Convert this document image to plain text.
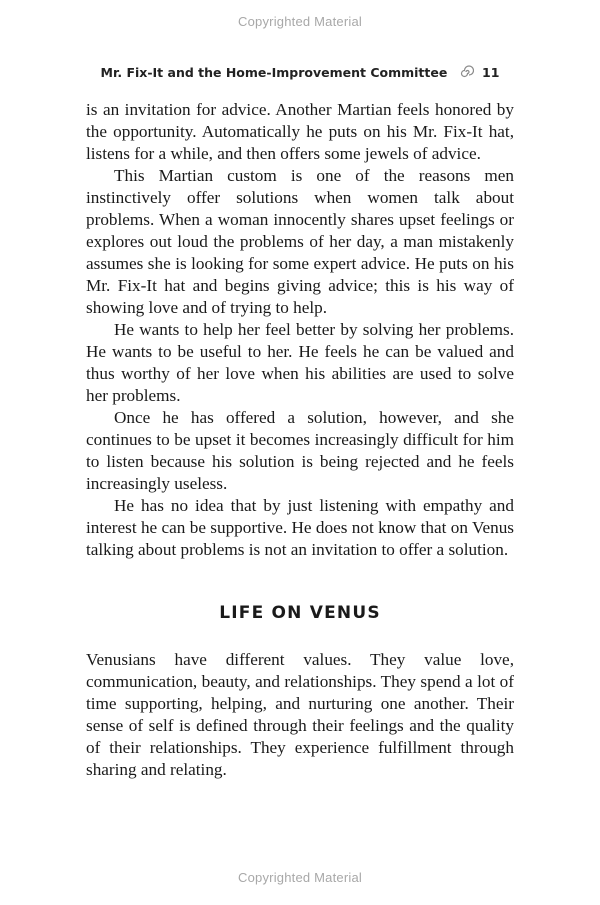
Copyrighted Material
Mr. Fix-It and the Home-Improvement Committee	11

is an invitation for advice. Another Martian feels honored by the opportunity. Automatically he puts on his Mr. Fix-It hat, listens for a while, and then offers some jewels of advice.

This Martian custom is one of the reasons men instinctively offer solutions when women talk about problems. When a woman innocently shares upset feelings or explores out loud the problems of her day, a man mistakenly assumes she is looking for some expert advice. He puts on his Mr. Fix-It hat and begins giving advice; this is his way of showing love and of trying to help.

He wants to help her feel better by solving her problems. He wants to be useful to her. He feels he can be valued and thus worthy of her love when his abilities are used to solve her problems.

Once he has offered a solution, however, and she continues to be upset it becomes increasingly difficult for him to listen because his solution is being rejected and he feels increasingly useless.

He has no idea that by just listening with empathy and interest he can be supportive. He does not know that on Venus talking about problems is not an invitation to offer a solution.

LIFE ON VENUS

Venusians have different values. They value love, communication, beauty, and relationships. They spend a lot of time supporting, helping, and nurturing one another. Their sense of self is defined through their feelings and the quality of their relationships. They experience fulfillment through sharing and relating.

Copyrighted Material
